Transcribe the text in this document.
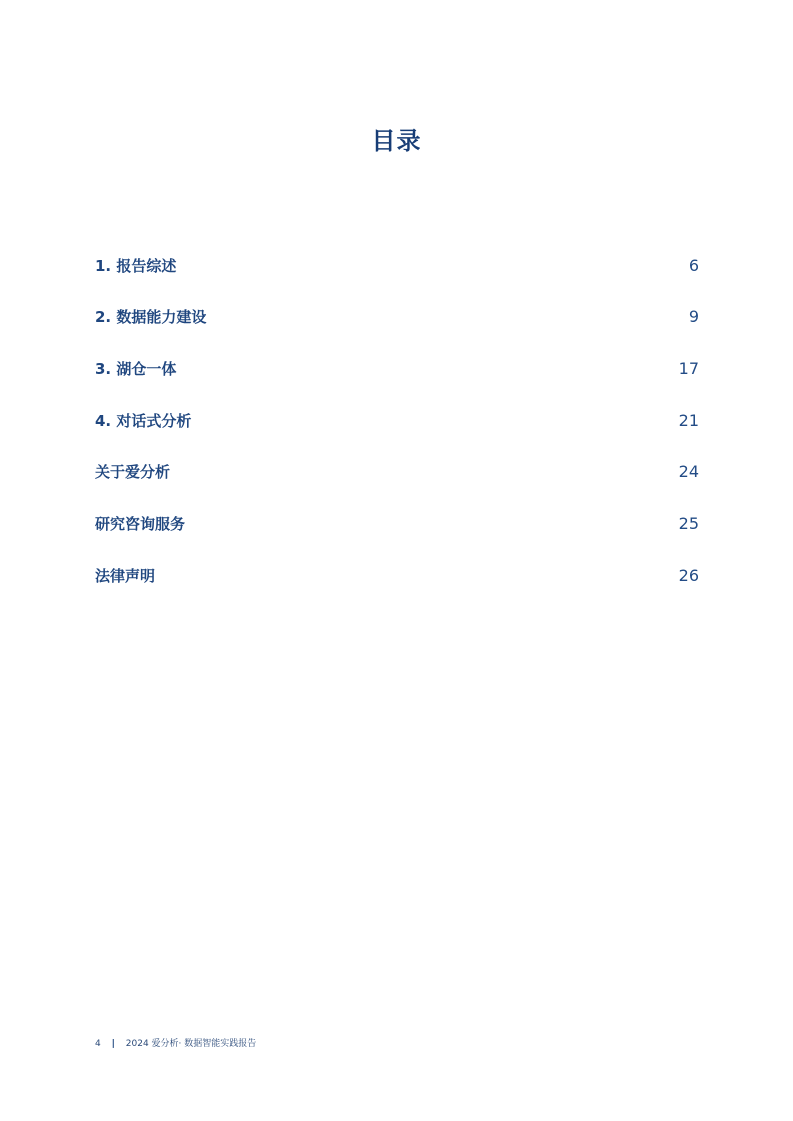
目录
1. 报告综述	6
2. 数据能力建设	9
3. 湖仓一体	17
4. 对话式分析	21
关于爱分析	24
研究咨询服务	25
法律声明	26
4 | 2024 爱分析· 数据智能实践报告
